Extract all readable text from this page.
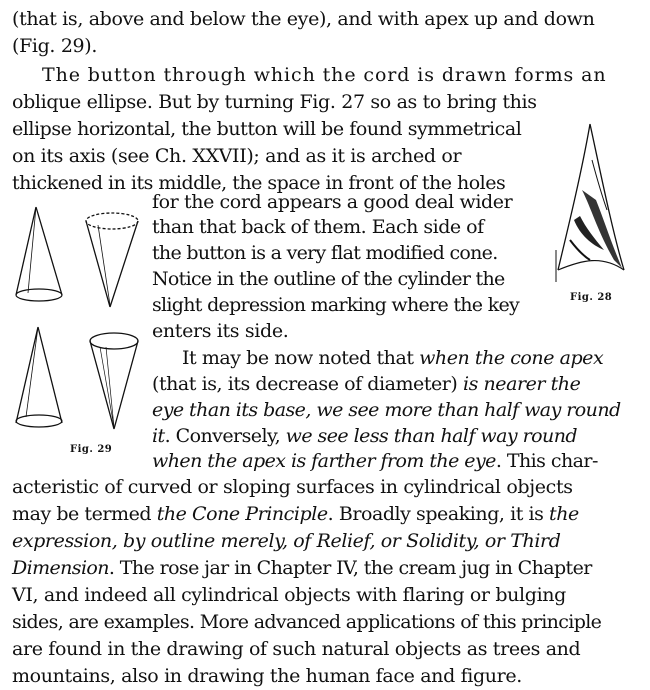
(that is, above and below the eye), and with apex up and down
(Fig. 29).
The button through which the cord is drawn forms an
oblique ellipse. But by turning Fig. 27 so as to bring this
ellipse horizontal, the button will be found symmetrical
on its axis (see Ch. XXVII); and as it is arched or
thickened in its middle, the space in front of the holes
for the cord appears a good deal wider
than that back of them. Each side of
the button is a very flat modified cone.
Notice in the outline of the cylinder the
slight depression marking where the key
enters its side.
It may be now noted that when the cone apex
(that is, its decrease of diameter) is nearer the
eye than its base, we see more than half way round
it. Conversely, we see less than half way round
when the apex is farther from the eye. This char-
acteristic of curved or sloping surfaces in cylindrical objects
may be termed the Cone Principle. Broadly speaking, it is the
expression, by outline merely, of Relief, or Solidity, or Third
Dimension. The rose jar in Chapter IV, the cream jug in Chapter
VI, and indeed all cylindrical objects with flaring or bulging
sides, are examples. More advanced applications of this principle
are found in the drawing of such natural objects as trees and
mountains, also in drawing the human face and figure.
Fig. 28
Fig. 29
